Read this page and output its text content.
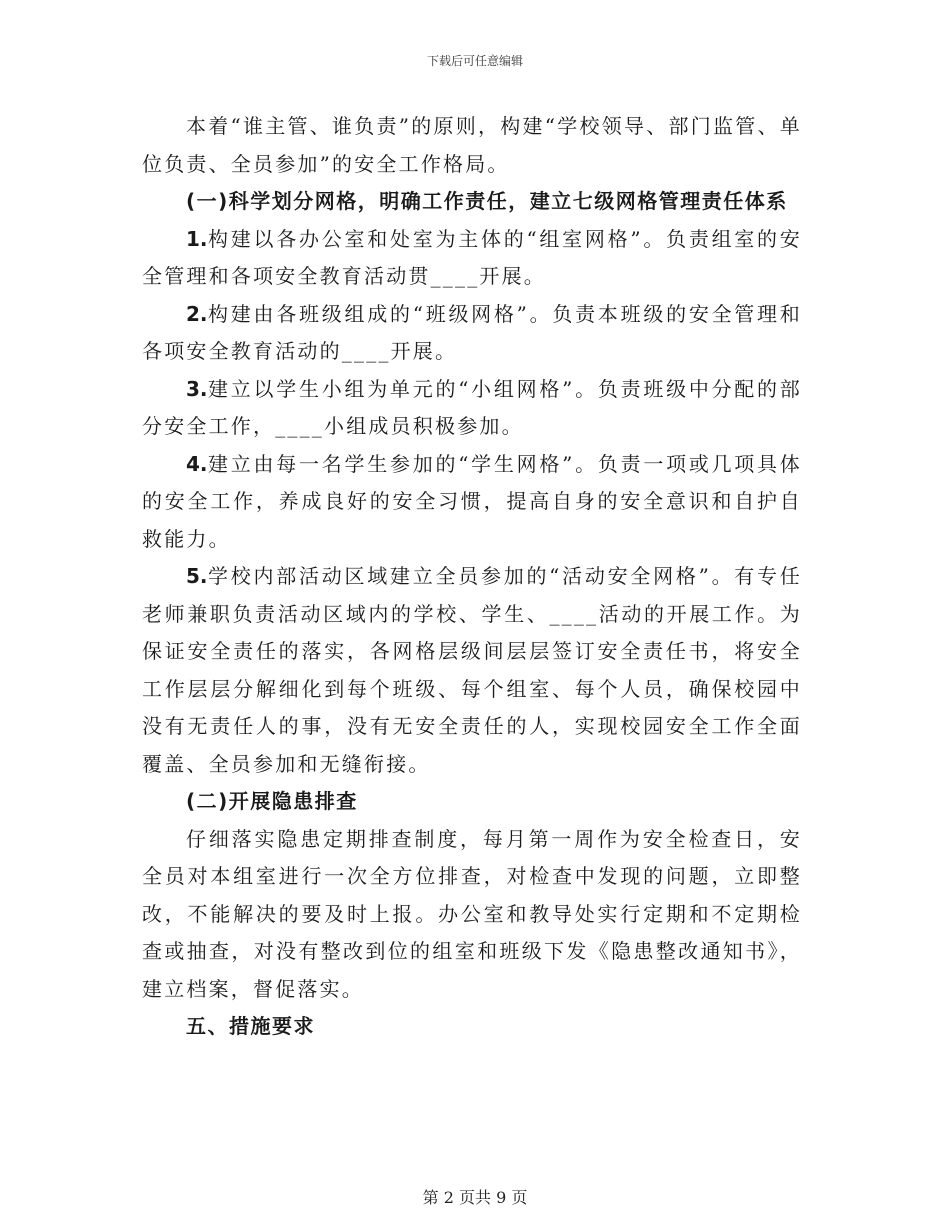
下载后可任意编辑

本着“谁主管、谁负责”的原则，构建“学校领导、部门监管、单位负责、全员参加”的安全工作格局。

(一)科学划分网格，明确工作责任，建立七级网格管理责任体系

1.构建以各办公室和处室为主体的“组室网格”。负责组室的安全管理和各项安全教育活动贯____开展。

2.构建由各班级组成的“班级网格”。负责本班级的安全管理和各项安全教育活动的____开展。

3.建立以学生小组为单元的“小组网格”。负责班级中分配的部分安全工作，____小组成员积极参加。

4.建立由每一名学生参加的“学生网格”。负责一项或几项具体的安全工作，养成良好的安全习惯，提高自身的安全意识和自护自救能力。

5.学校内部活动区域建立全员参加的“活动安全网格”。有专任老师兼职负责活动区域内的学校、学生、____活动的开展工作。为保证安全责任的落实，各网格层级间层层签订安全责任书，将安全工作层层分解细化到每个班级、每个组室、每个人员，确保校园中没有无责任人的事，没有无安全责任的人，实现校园安全工作全面覆盖、全员参加和无缝衔接。

(二)开展隐患排查

仔细落实隐患定期排查制度，每月第一周作为安全检查日，安全员对本组室进行一次全方位排查，对检查中发现的问题，立即整改，不能解决的要及时上报。办公室和教导处实行定期和不定期检查或抽查，对没有整改到位的组室和班级下发《隐患整改通知书》，建立档案，督促落实。

五、措施要求

第 2 页共 9 页
